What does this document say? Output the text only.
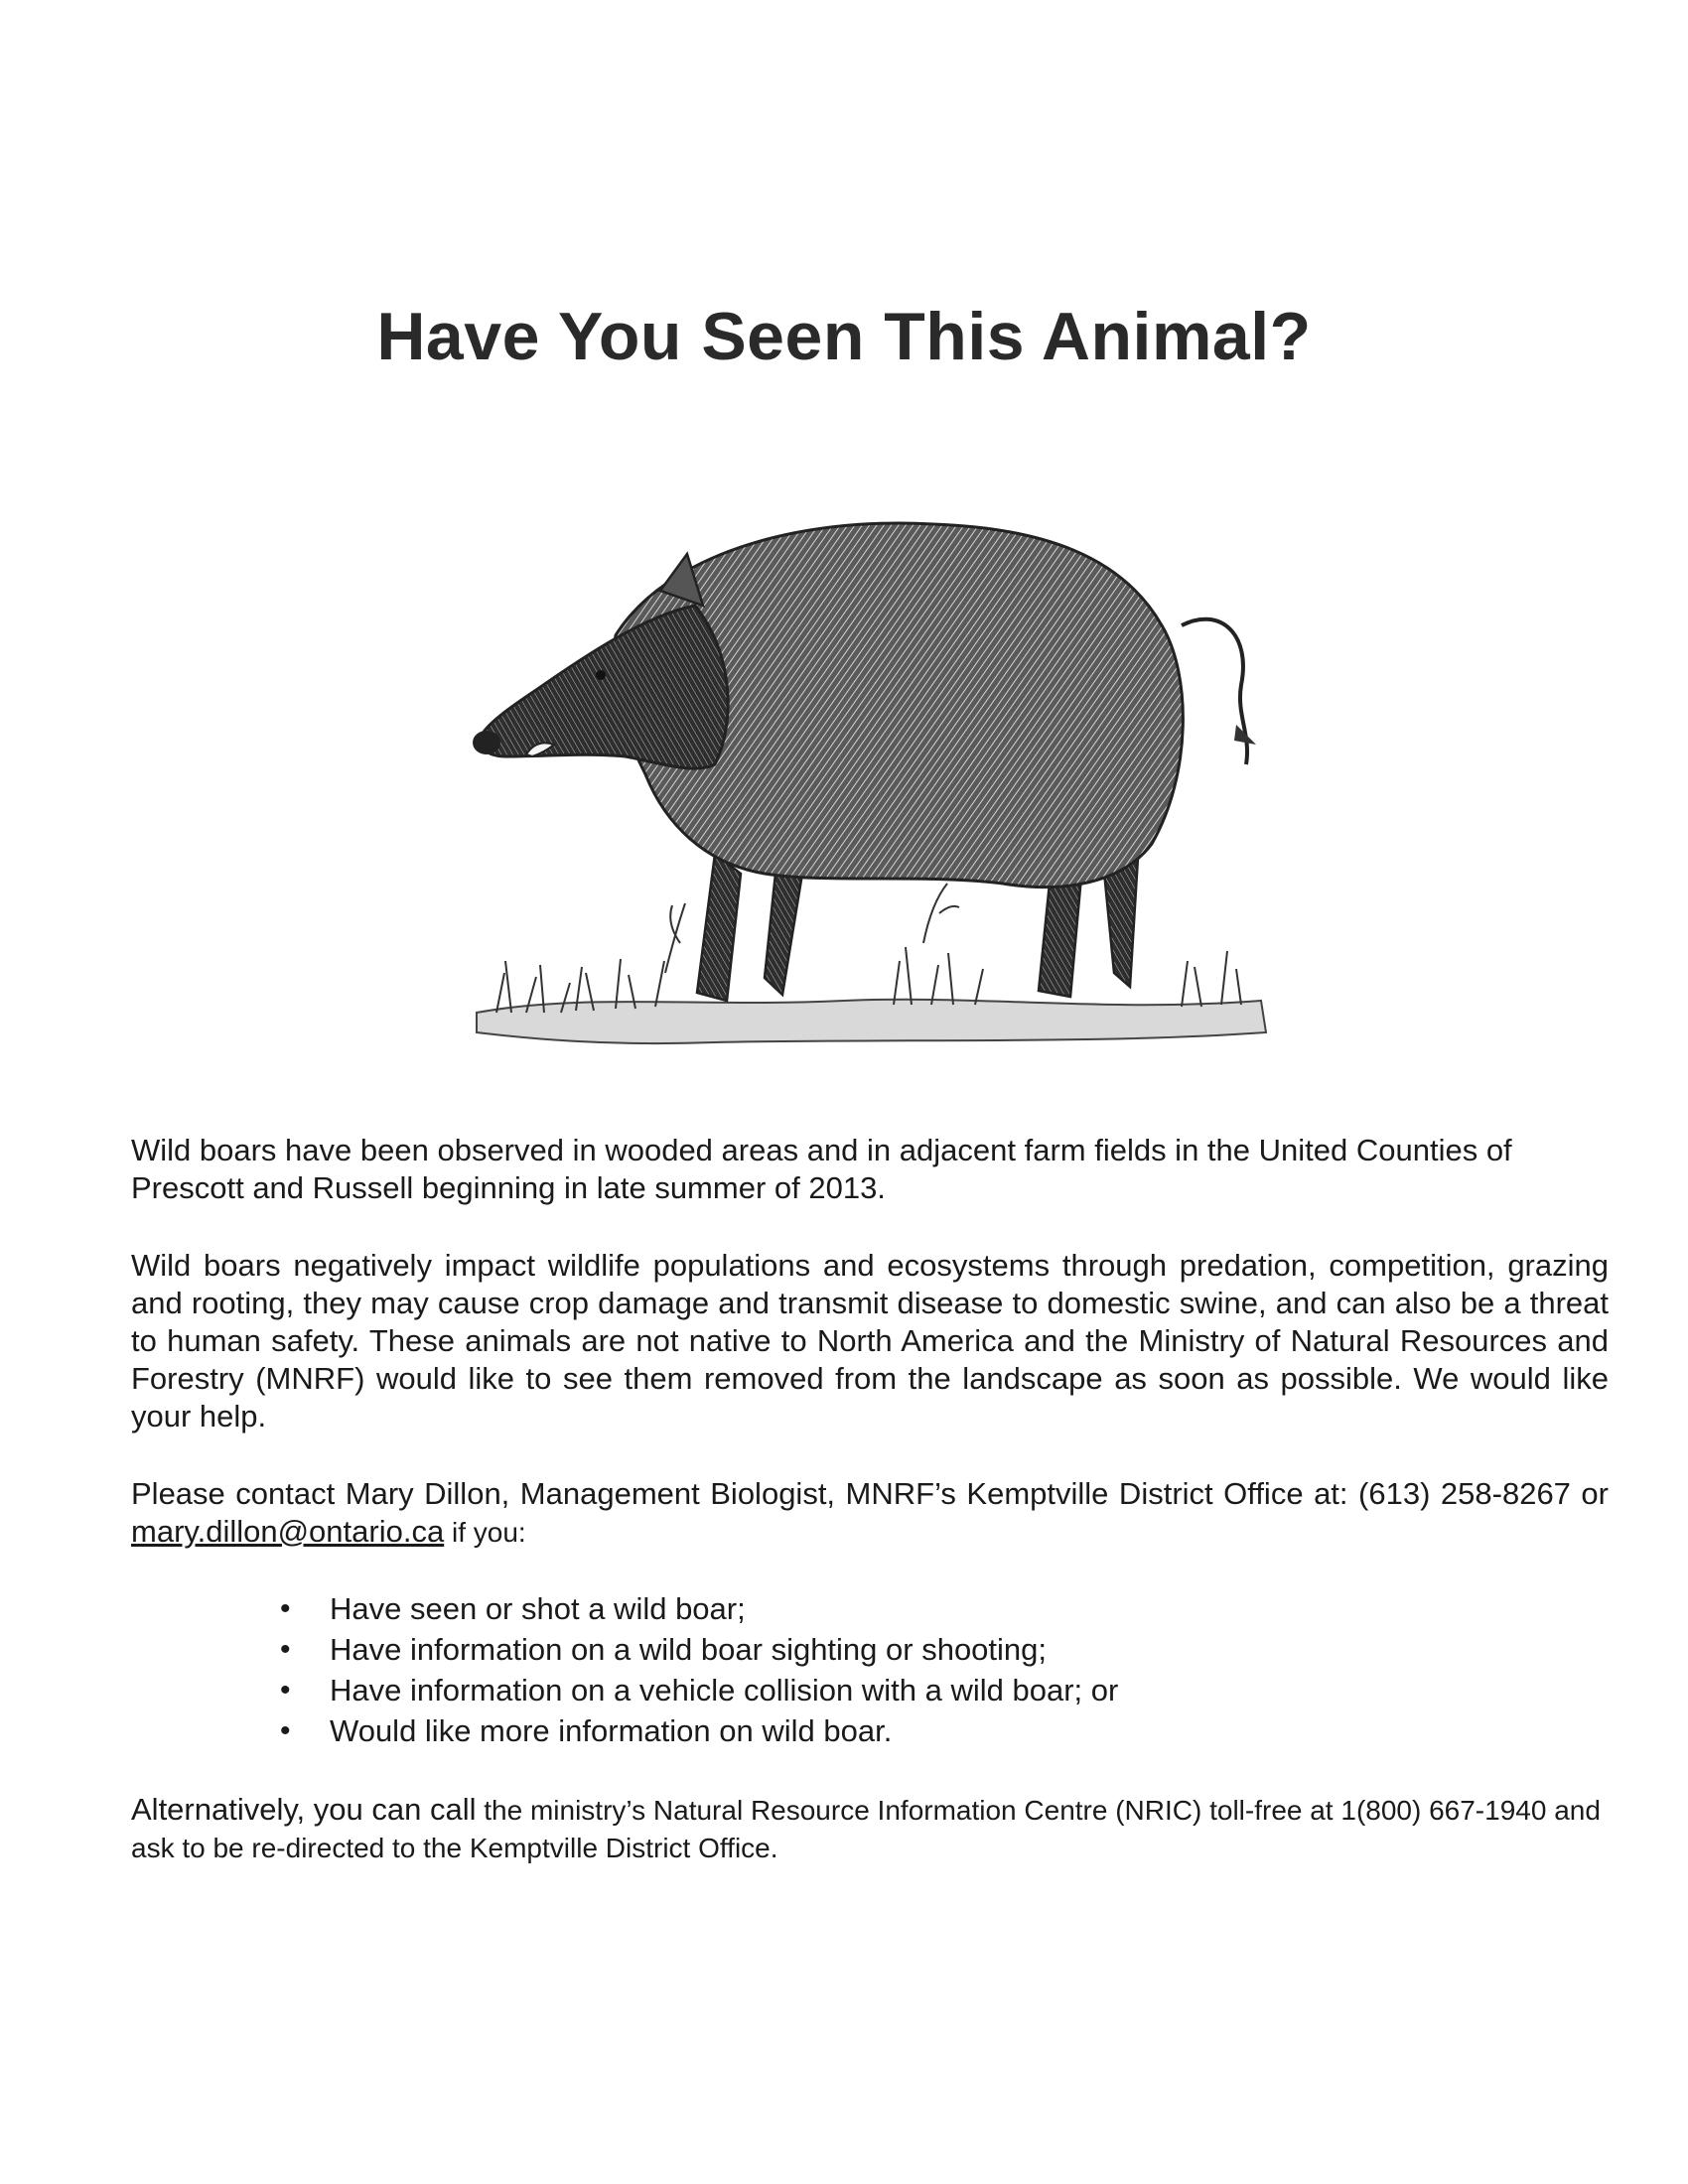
Have You Seen This Animal?
Wild boars have been observed in wooded areas and in adjacent farm fields in the United Counties of Prescott and Russell beginning in late summer of 2013.
Wild boars negatively impact wildlife populations and ecosystems through predation, competition, grazing and rooting, they may cause crop damage and transmit disease to domestic swine, and can also be a threat to human safety. These animals are not native to North America and the Ministry of Natural Resources and Forestry (MNRF) would like to see them removed from the landscape as soon as possible. We would like your help.
Please contact Mary Dillon, Management Biologist, MNRF’s Kemptville District Office at: (613) 258-8267 or mary.dillon@ontario.ca if you:
• Have seen or shot a wild boar;
• Have information on a wild boar sighting or shooting;
• Have information on a vehicle collision with a wild boar; or
• Would like more information on wild boar.
Alternatively, you can call the ministry’s Natural Resource Information Centre (NRIC) toll-free at 1(800) 667-1940 and ask to be re-directed to the Kemptville District Office.
